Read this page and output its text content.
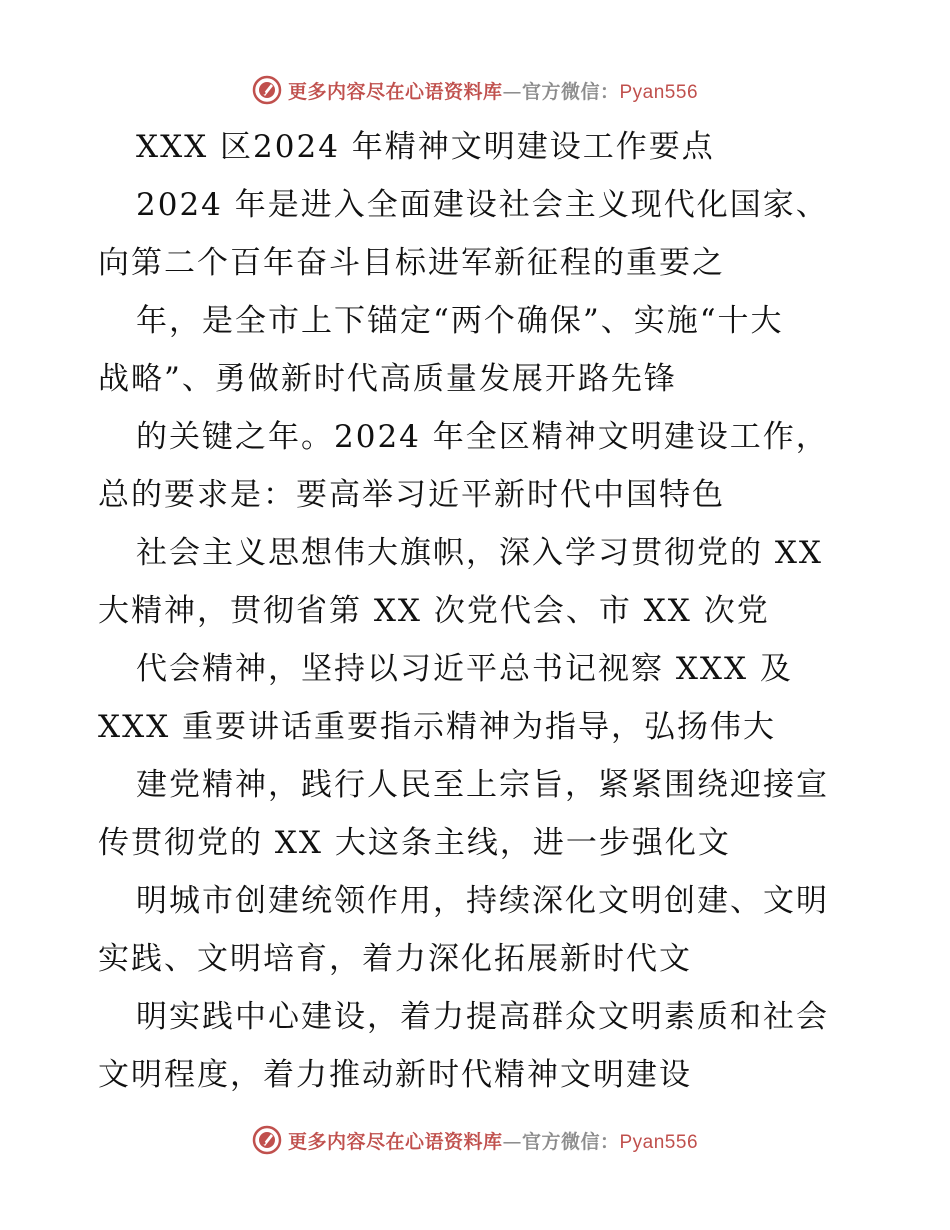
更多内容尽在心语资料库—官方微信：Pyan556
XXX 区2024 年精神文明建设工作要点
2024 年是进入全面建设社会主义现代化国家、
向第二个百年奋斗目标进军新征程的重要之
年，是全市上下锚定“两个确保”、实施“十大
战略”、勇做新时代高质量发展开路先锋
的关键之年。2024 年全区精神文明建设工作，
总的要求是：要高举习近平新时代中国特色
社会主义思想伟大旗帜，深入学习贯彻党的 XX
大精神，贯彻省第 XX 次党代会、市 XX 次党
代会精神，坚持以习近平总书记视察 XXX 及
XXX 重要讲话重要指示精神为指导，弘扬伟大
建党精神，践行人民至上宗旨，紧紧围绕迎接宣
传贯彻党的 XX 大这条主线，进一步强化文
明城市创建统领作用，持续深化文明创建、文明
实践、文明培育，着力深化拓展新时代文
明实践中心建设，着力提高群众文明素质和社会
文明程度，着力推动新时代精神文明建设
更多内容尽在心语资料库—官方微信：Pyan556
